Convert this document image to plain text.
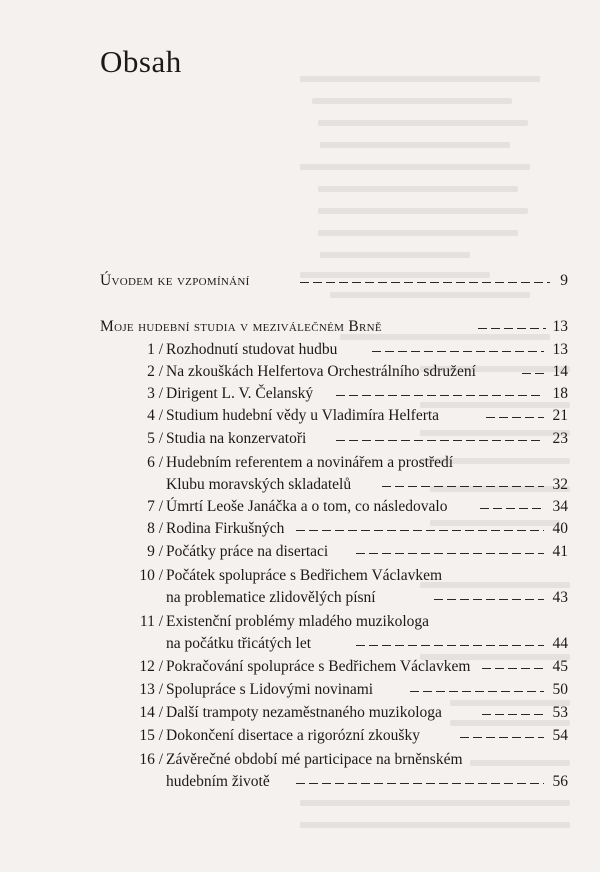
Obsah
Úvodem ke vzpomínání	9
Moje hudební studia v meziválečném Brně	13
1 / Rozhodnutí studovat hudbu	13
2 / Na zkouškách Helfertova Orchestrálního sdružení	14
3 / Dirigent L. V. Čelanský	18
4 / Studium hudební vědy u Vladimíra Helferta	21
5 / Studia na konzervatoři	23
6 / Hudebním referentem a novinářem a prostředí
Klubu moravských skladatelů	32
7 / Úmrtí Leoše Janáčka a o tom, co následovalo	34
8 / Rodina Firkušných	40
9 / Počátky práce na disertaci	41
10 / Počátek spolupráce s Bedřichem Václavkem
na problematice zlidovělých písní	43
11 / Existenční problémy mladého muzikologa
na počátku třicátých let	44
12 / Pokračování spolupráce s Bedřichem Václavkem	45
13 / Spolupráce s Lidovými novinami	50
14 / Další trampoty nezaměstnaného muzikologa	53
15 / Dokončení disertace a rigorózní zkoušky	54
16 / Závěrečné období mé participace na brněnském
hudebním životě	56
